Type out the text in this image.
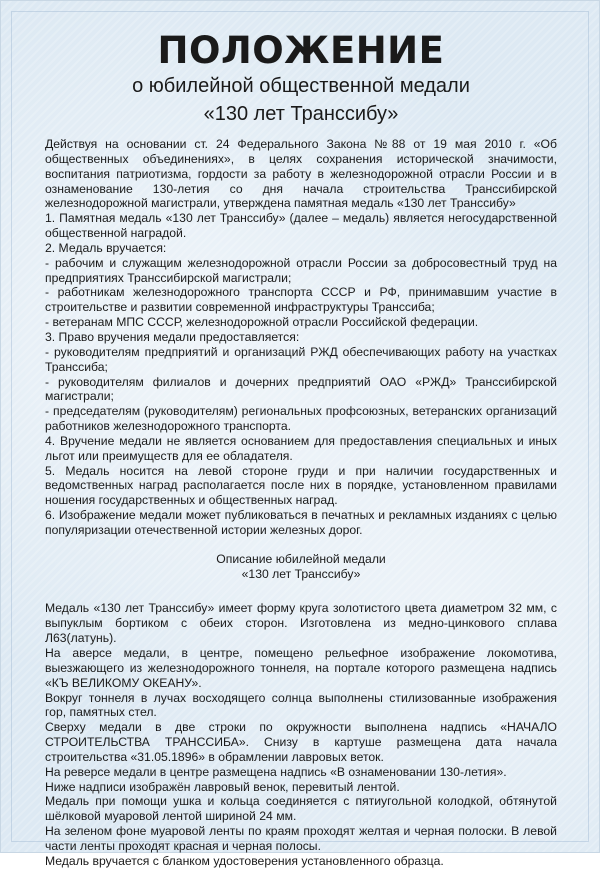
ПОЛОЖЕНИЕ
о юбилейной общественной медали
«130 лет Транссибу»

Действуя на основании ст. 24 Федерального Закона №88 от 19 мая 2010 г. «Об общественных объединениях», в целях сохранения исторической значимости, воспитания патриотизма, гордости за работу в железнодорожной отрасли России и в ознаменование 130-летия со дня начала строительства Транссибирской железнодорожной магистрали, утверждена памятная медаль «130 лет Транссибу»

1. Памятная медаль «130 лет Транссибу» (далее – медаль) является негосударственной общественной наградой.

2. Медаль вручается:

- рабочим и служащим железнодорожной отрасли России за добросовестный труд на предприятиях Транссибирской магистрали;

- работникам железнодорожного транспорта СССР и РФ, принимавшим участие в строительстве и развитии современной инфраструктуры Транссиба;

- ветеранам МПС СССР, железнодорожной отрасли Российской федерации.

3. Право вручения медали предоставляется:

- руководителям предприятий и организаций РЖД обеспечивающих работу на участках Транссиба;

- руководителям филиалов и дочерних предприятий ОАО «РЖД» Транссибирской магистрали;

- председателям (руководителям) региональных профсоюзных, ветеранских организаций работников железнодорожного транспорта.

4. Вручение медали не является основанием для предоставления специальных и иных льгот или преимуществ для ее обладателя.

5. Медаль носится на левой стороне груди и при наличии государственных и ведомственных наград располагается после них в порядке, установленном правилами ношения государственных и общественных наград.

6. Изображение медали может публиковаться в печатных и рекламных изданиях с целью популяризации отечественной истории железных дорог.

Описание юбилейной медали
«130 лет Транссибу»

Медаль «130 лет Транссибу» имеет форму круга золотистого цвета диаметром 32 мм, с выпуклым бортиком с обеих сторон. Изготовлена из медно-цинкового сплава Л63(латунь).

На аверсе медали, в центре, помещено рельефное изображение локомотива, выезжающего из железнодорожного тоннеля, на портале которого размещена надпись «КЪ ВЕЛИКОМУ ОКЕАНУ».

Вокруг тоннеля в лучах восходящего солнца выполнены стилизованные изображения гор, памятных стел.

Сверху медали в две строки по окружности выполнена надпись «НАЧАЛО СТРОИТЕЛЬСТВА ТРАНССИБА». Снизу в картуше размещена дата начала строительства «31.05.1896» в обрамлении лавровых веток.

На реверсе медали в центре размещена надпись «В ознаменовании 130-летия».

Ниже надписи изображён лавровый венок, перевитый лентой.

Медаль при помощи ушка и кольца соединяется с пятиугольной колодкой, обтянутой шёлковой муаровой лентой шириной 24 мм.

На зеленом фоне муаровой ленты по краям проходят желтая и черная полоски. В левой части ленты проходят красная и черная полосы.

Медаль вручается с бланком удостоверения установленного образца.
